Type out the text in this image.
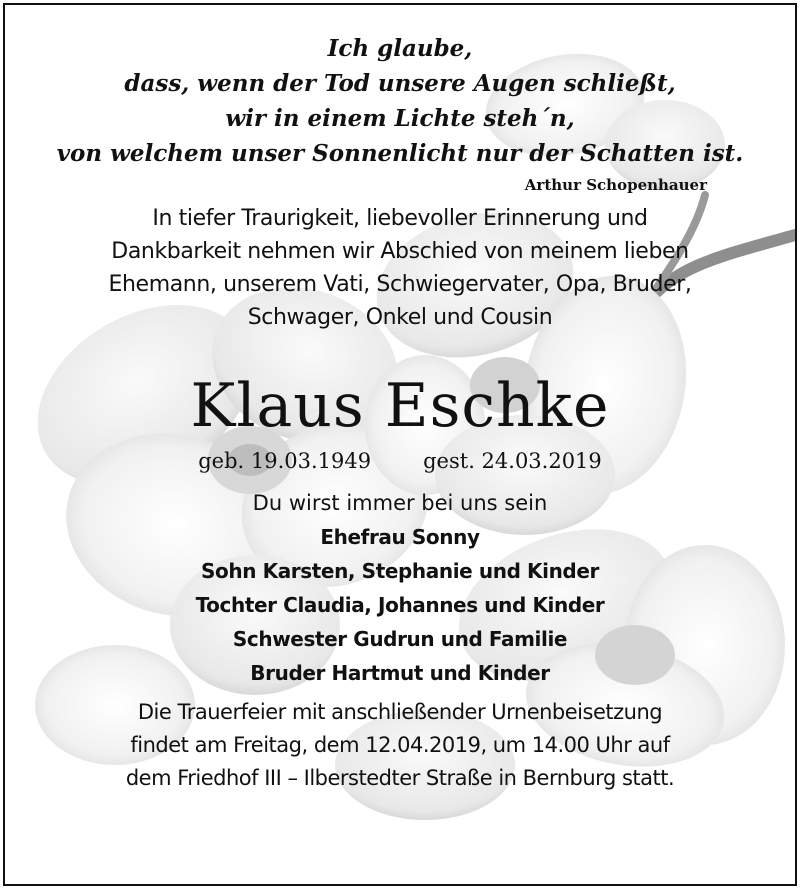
Ich glaube,
dass, wenn der Tod unsere Augen schließt,
wir in einem Lichte steh´n,
von welchem unser Sonnenlicht nur der Schatten ist.
Arthur Schopenhauer
In tiefer Traurigkeit, liebevoller Erinnerung und
Dankbarkeit nehmen wir Abschied von meinem lieben
Ehemann, unserem Vati, Schwiegervater, Opa, Bruder,
Schwager, Onkel und Cousin
Klaus Eschke
geb. 19.03.1949 gest. 24.03.2019
Du wirst immer bei uns sein
Ehefrau Sonny
Sohn Karsten, Stephanie und Kinder
Tochter Claudia, Johannes und Kinder
Schwester Gudrun und Familie
Bruder Hartmut und Kinder
Die Trauerfeier mit anschließender Urnenbeisetzung
findet am Freitag, dem 12.04.2019, um 14.00 Uhr auf
dem Friedhof III – Ilberstedter Straße in Bernburg statt.
